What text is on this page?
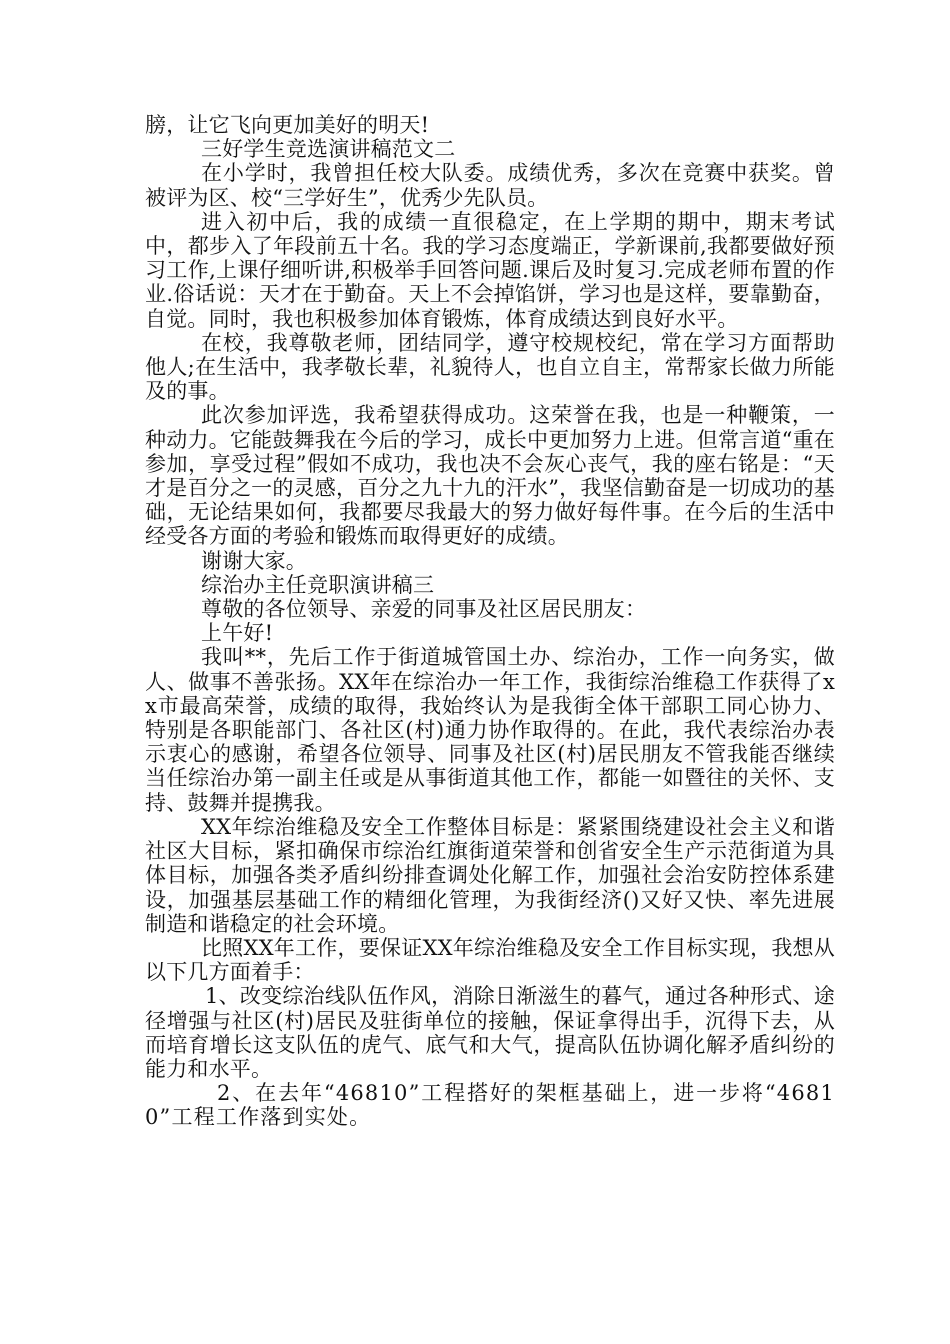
膀，让它飞向更加美好的明天!

三好学生竞选演讲稿范文二

在小学时，我曾担任校大队委。成绩优秀，多次在竞赛中获奖。曾被评为区、校“三学好生”，优秀少先队员。

进入初中后，我的成绩一直很稳定，在上学期的期中，期末考试中，都步入了年段前五十名。我的学习态度端正，学新课前,我都要做好预习工作,上课仔细听讲,积极举手回答问题.课后及时复习.完成老师布置的作业.俗话说：天才在于勤奋。天上不会掉馅饼，学习也是这样，要靠勤奋，自觉。同时，我也积极参加体育锻炼，体育成绩达到良好水平。

在校，我尊敬老师，团结同学，遵守校规校纪，常在学习方面帮助他人;在生活中，我孝敬长辈，礼貌待人，也自立自主，常帮家长做力所能及的事。

此次参加评选，我希望获得成功。这荣誉在我，也是一种鞭策，一种动力。它能鼓舞我在今后的学习，成长中更加努力上进。但常言道“重在参加，享受过程”假如不成功，我也决不会灰心丧气，我的座右铭是：“天才是百分之一的灵感，百分之九十九的汗水”，我坚信勤奋是一切成功的基础，无论结果如何，我都要尽我最大的努力做好每件事。在今后的生活中经受各方面的考验和锻炼而取得更好的成绩。

谢谢大家。

综治办主任竞职演讲稿三

尊敬的各位领导、亲爱的同事及社区居民朋友：

上午好!

我叫**，先后工作于街道城管国土办、综治办，工作一向务实，做人、做事不善张扬。XX年在综治办一年工作，我街综治维稳工作获得了xx市最高荣誉，成绩的取得，我始终认为是我街全体干部职工同心协力、特别是各职能部门、各社区(村)通力协作取得的。在此，我代表综治办表示衷心的感谢，希望各位领导、同事及社区(村)居民朋友不管我能否继续当任综治办第一副主任或是从事街道其他工作，都能一如暨往的关怀、支持、鼓舞并提携我。

XX年综治维稳及安全工作整体目标是：紧紧围绕建设社会主义和谐社区大目标，紧扣确保市综治红旗街道荣誉和创省安全生产示范街道为具体目标，加强各类矛盾纠纷排查调处化解工作，加强社会治安防控体系建设，加强基层基础工作的精细化管理，为我街经济()又好又快、率先进展制造和谐稳定的社会环境。

比照XX年工作，要保证XX年综治维稳及安全工作目标实现，我想从以下几方面着手：

1、改变综治线队伍作风，消除日渐滋生的暮气，通过各种形式、途径增强与社区(村)居民及驻街单位的接触，保证拿得出手，沉得下去，从而培育增长这支队伍的虎气、底气和大气，提高队伍协调化解矛盾纠纷的能力和水平。

2、在去年“46810”工程搭好的架框基础上，进一步将“46810”工程工作落到实处。
